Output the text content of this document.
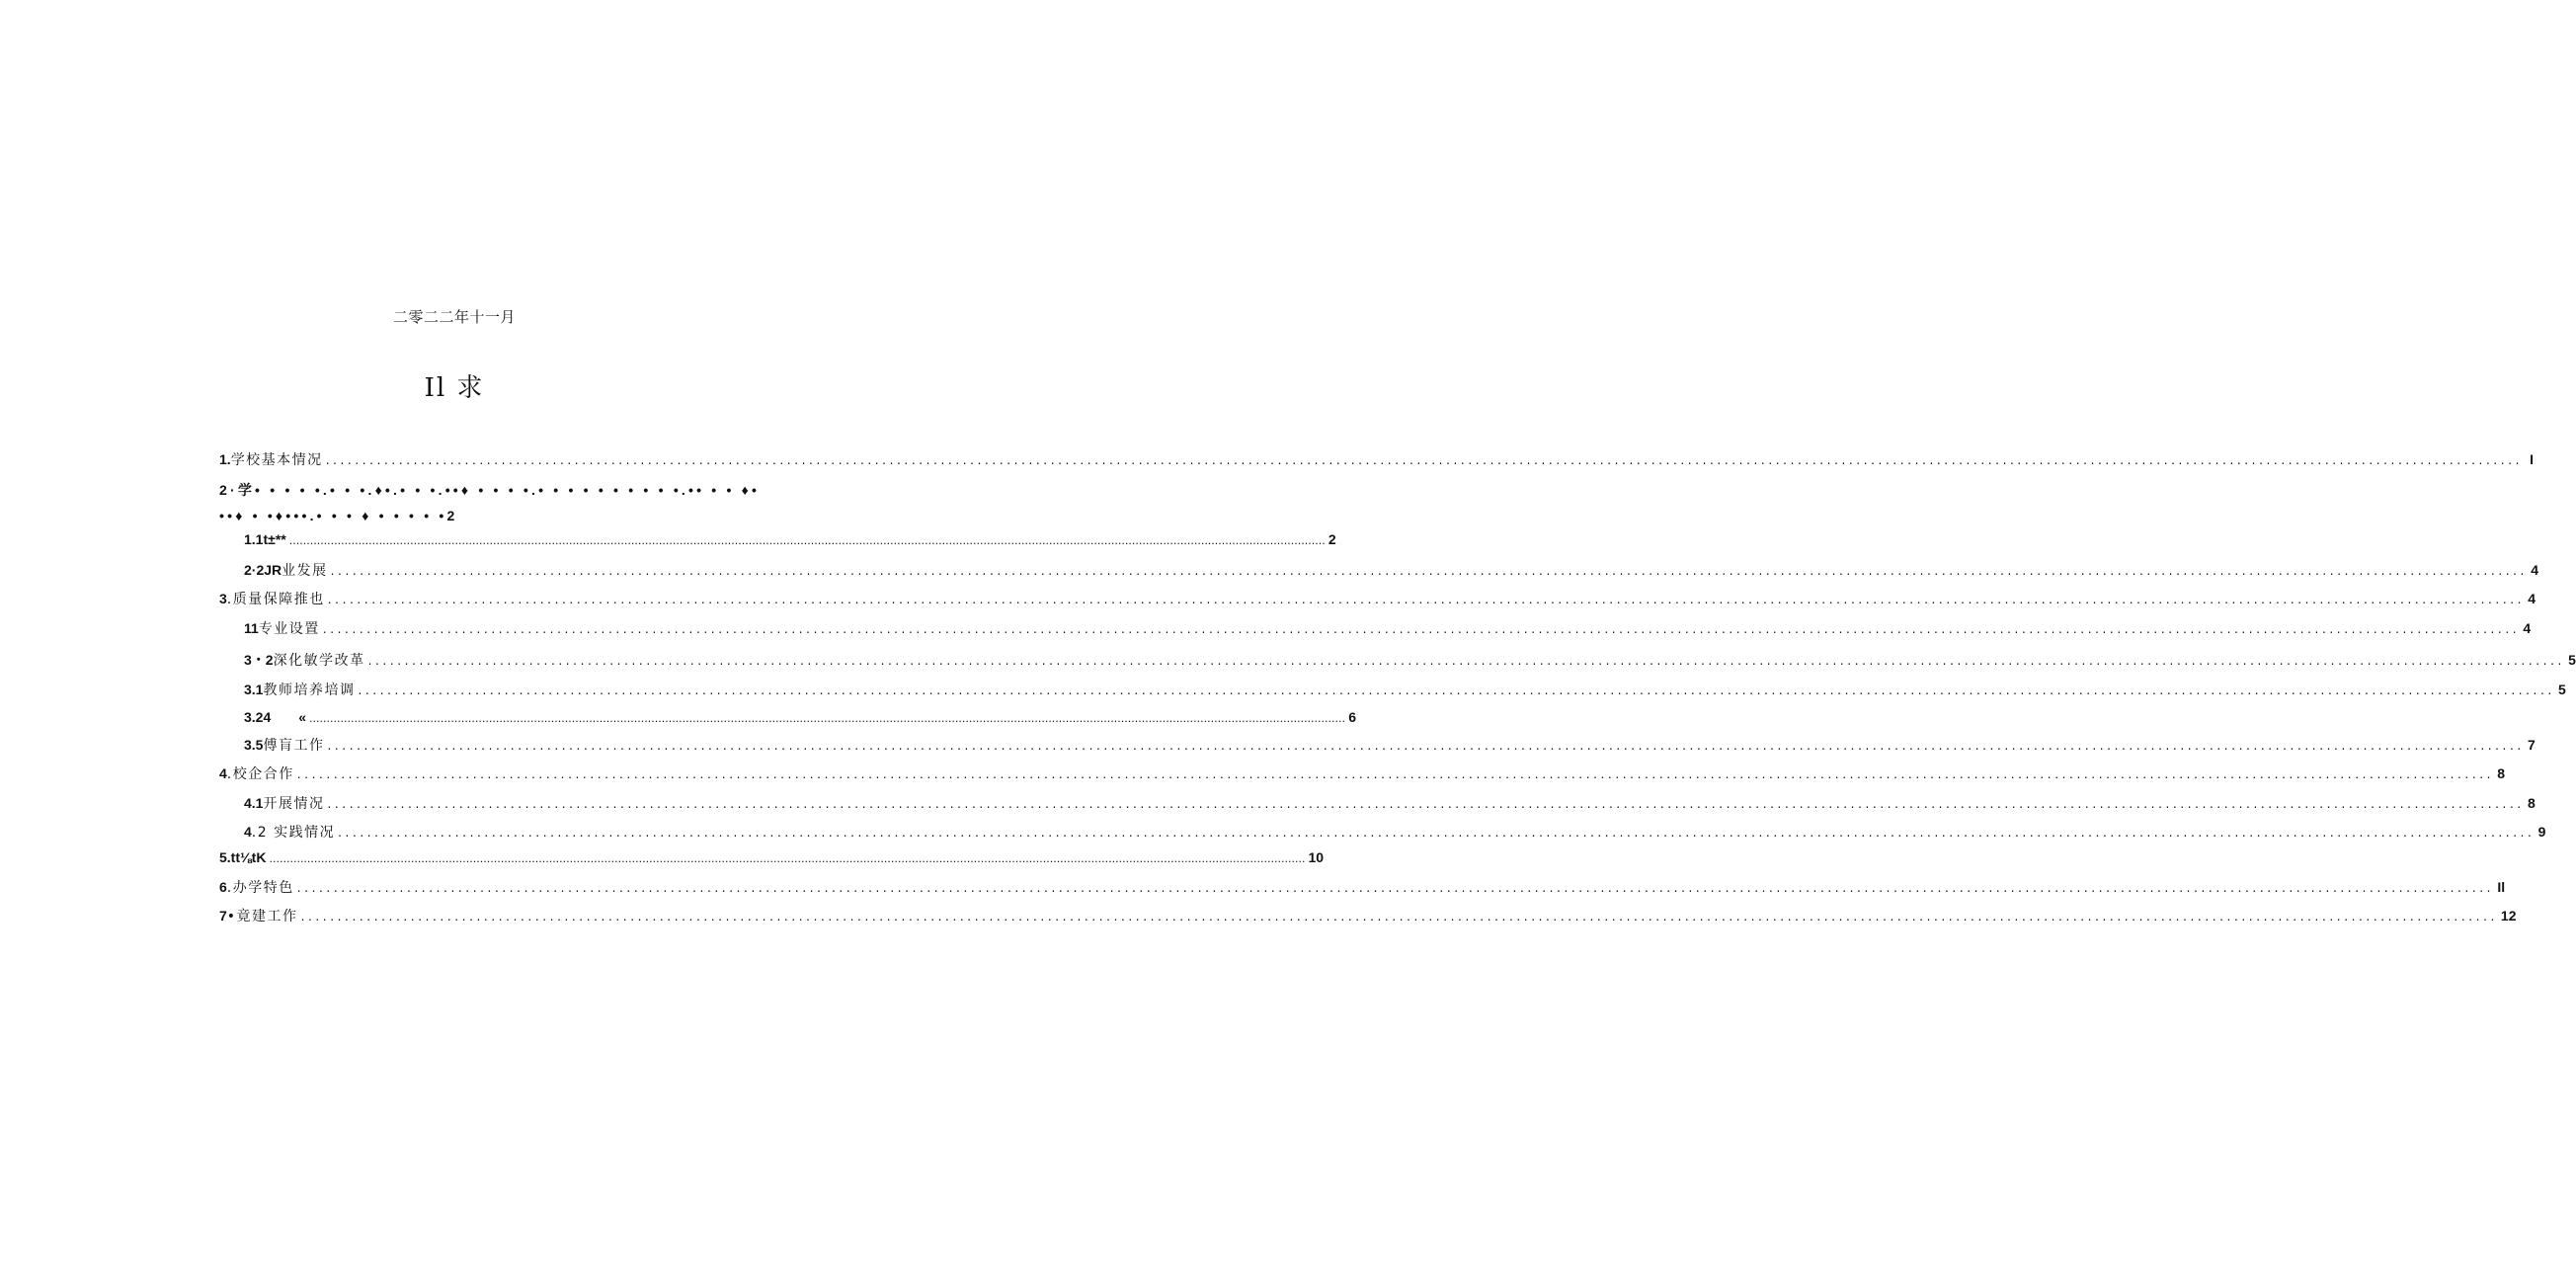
二零二二年十一月
Il 求
1. 学校基本情况 ............................................................................................................................................................................................................................................................................................................ I
2·学• • • • •.• • •.♦•.• • •.••♦ • • • •.• • • • • • • • • •.•• • • ♦•••♦ • •♦•••.• • • ♦ • • • • •2
1.1 t±** ............................................................................................................................................................................................................................................................................................................ 2
2·2JR 业发展 ............................................................................................................................................................................................................................................................................................................ 4
3 .质量保障推也 ............................................................................................................................................................................................................................................................................................................ 4
11 专业设置 ............................................................................................................................................................................................................................................................................................................ 4
3・2 深化敏学改革 ............................................................................................................................................................................................................................................................................................................ 5
3.1 教师培养培调 ............................................................................................................................................................................................................................................................................................................ 5
3.2 4　　« ............................................................................................................................................................................................................................................................................................................ 6
3.5 傅肓工作 ............................................................................................................................................................................................................................................................................................................ 7
4 .校企合作 ............................................................................................................................................................................................................................................................................................................ 8
4.1 开展情况 ............................................................................................................................................................................................................................................................................................................ 8
4 .2 实践情况 ............................................................................................................................................................................................................................................................................................................ 9
5 .tt⅛tK ............................................................................................................................................................................................................................................................................................................ 10
6 .办学特色 ............................................................................................................................................................................................................................................................................................................ Il
7 •竟建工作 ............................................................................................................................................................................................................................................................................................................ 12
